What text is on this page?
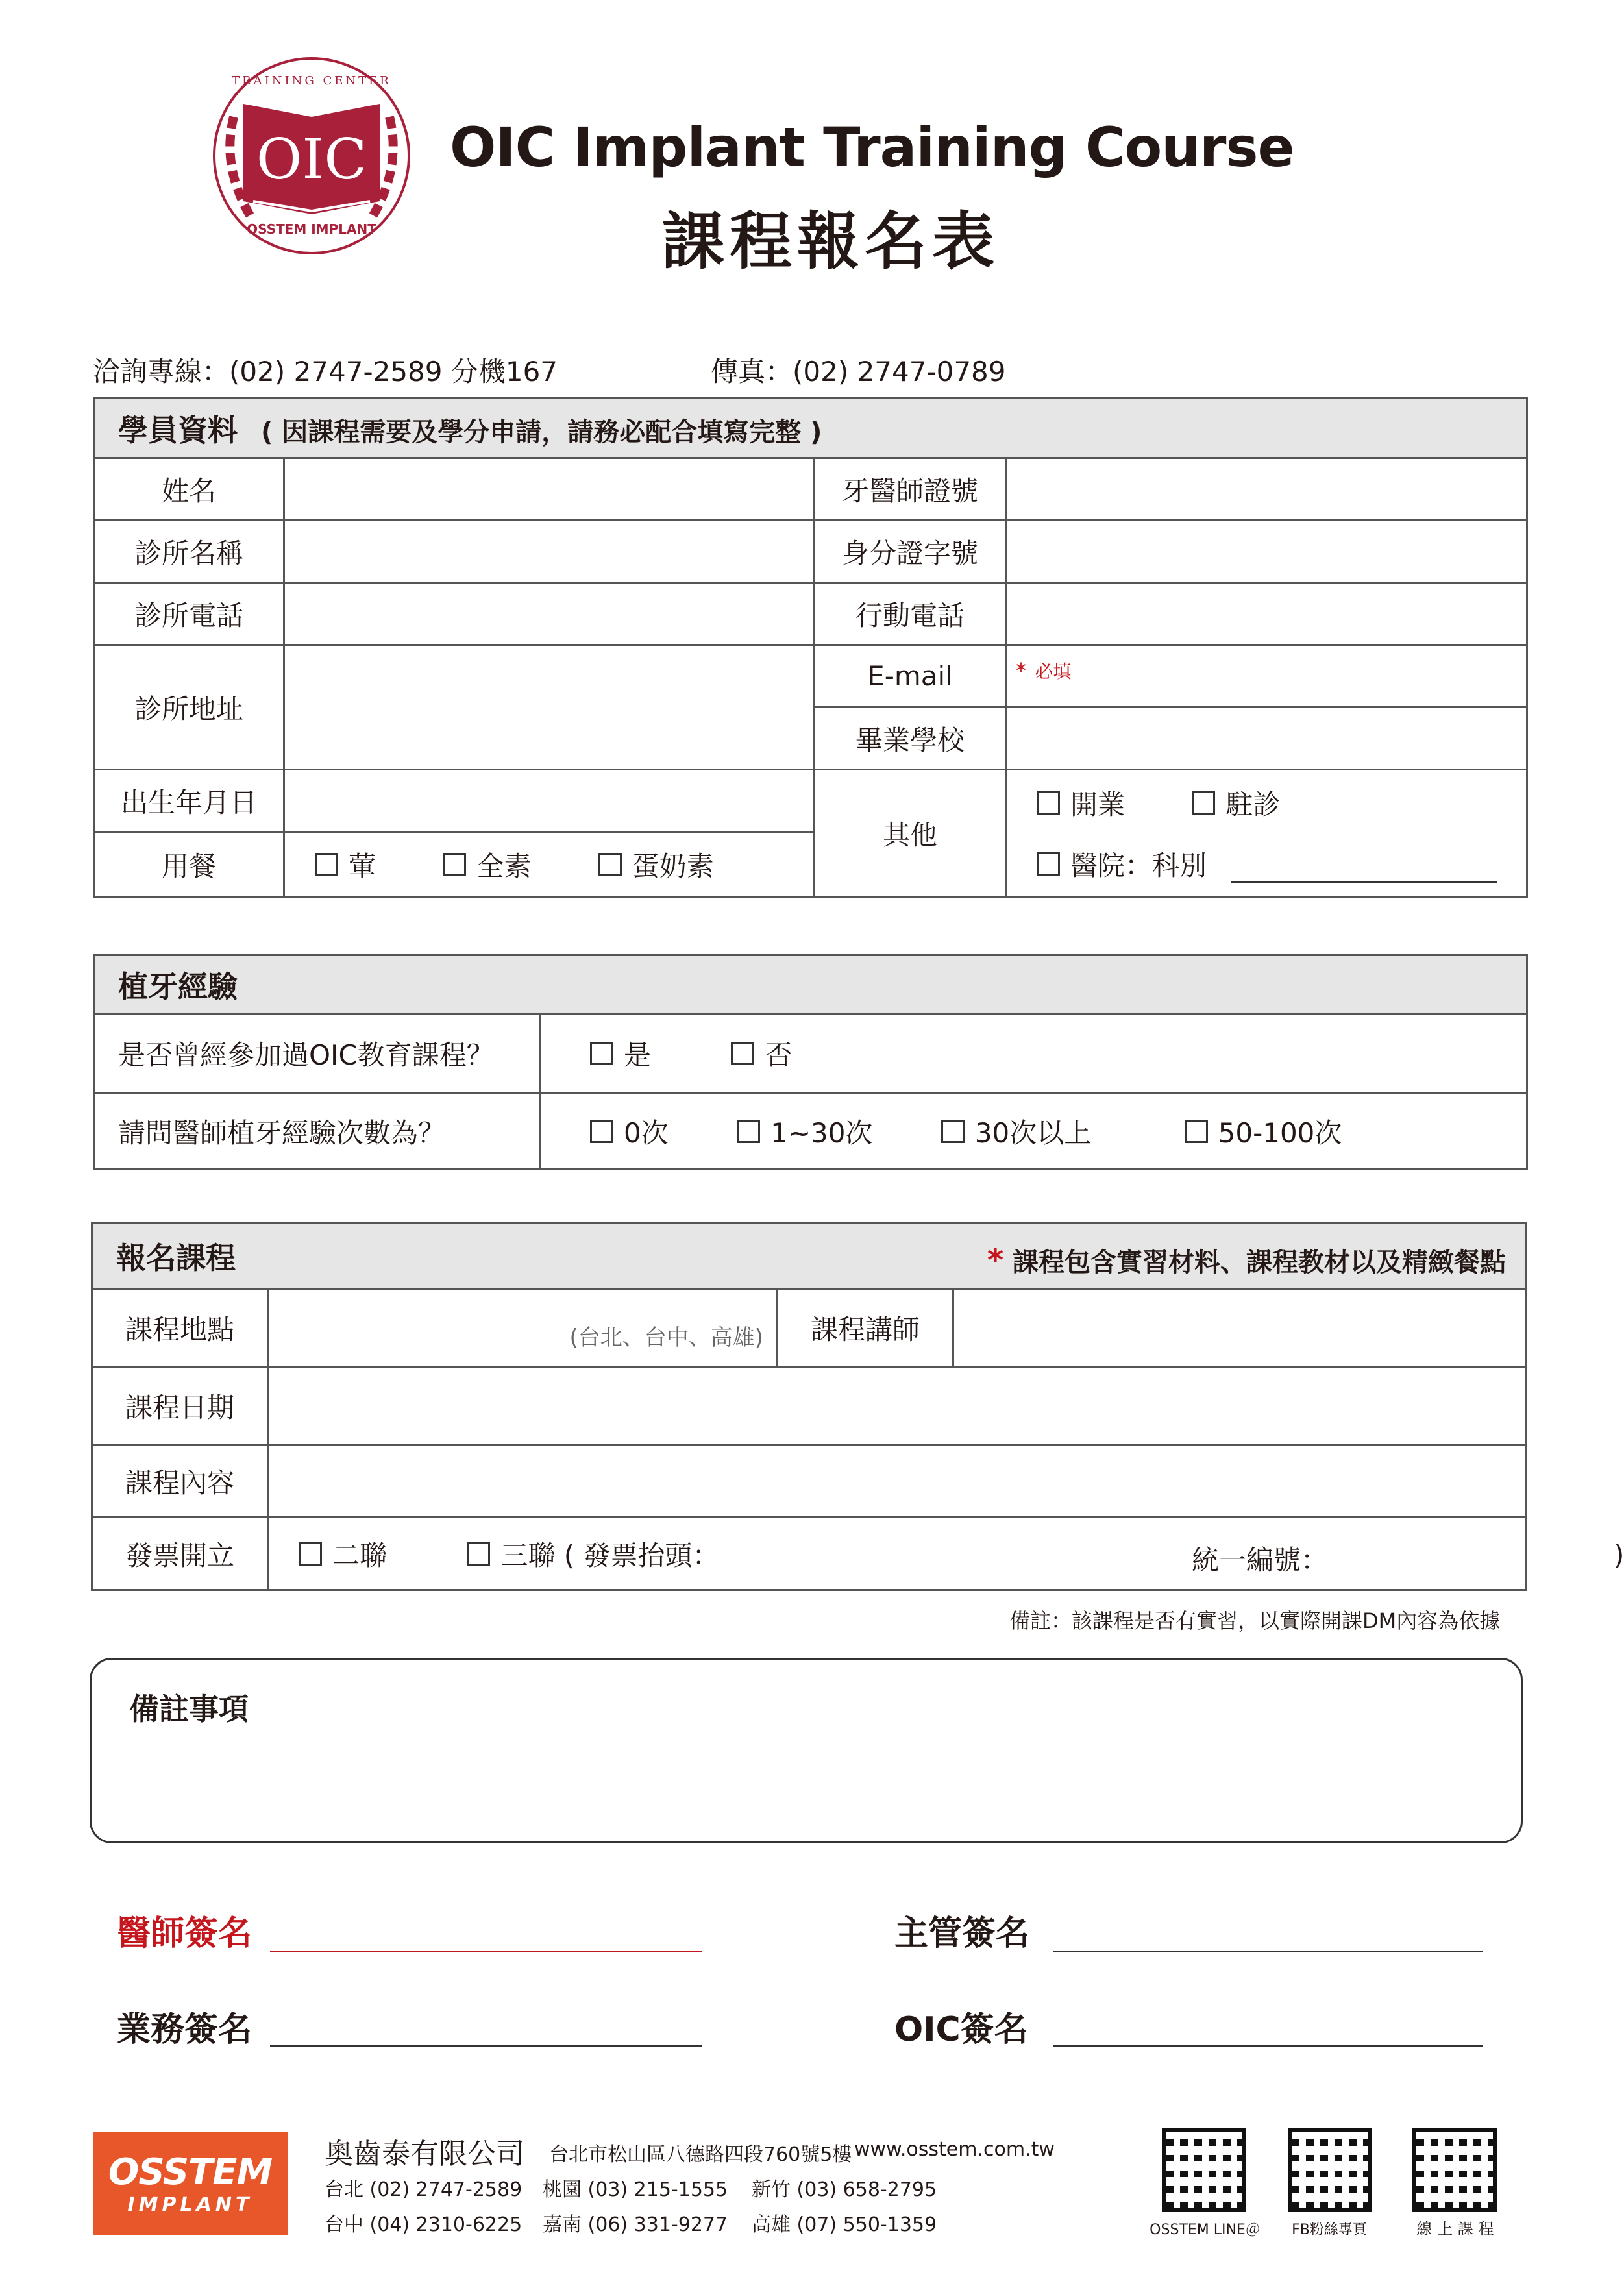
TRAINING CENTER
OIC
OSSTEM IMPLANT
OIC Implant Training Course
課程報名表
洽詢專線：(02) 2747-2589 分機167	傳真：(02) 2747-0789
學員資料 ( 因課程需要及學分申請，請務必配合填寫完整 )			
姓名		牙醫師證號	
診所名稱		身分證字號	
診所電話		行動電話	
診所地址		E-mail	* 必填
		畢業學校	
出生年月日		其他	開業
駐診
醫院：科別

用餐	葷
全素
蛋奶素		
植牙經驗	
是否曾經參加過OIC教育課程？	是
否

請問醫師植牙經驗次數為？	0次
1~30次
30次以上
50-100次
報名課程 * 課程包含實習材料、課程教材以及精緻餐點			

課程地點	(台北、台中、高雄)	課程講師	
課程日期			
課程內容			
發票開立	二聯
三聯 ( 發票抬頭： 統一編號： )		
備註：該課程是否有實習，以實際開課DM內容為依據
備註事項
醫師簽名	主管簽名
業務簽名	OIC簽名
OSSTEM
IMPLANT
奧齒泰有限公司 台北市松山區八德路四段760號5樓 www.osstem.com.tw
台北 (02) 2747-2589 桃園 (03) 215-1555 新竹 (03) 658-2795
台中 (04) 2310-6225 嘉南 (06) 331-9277 高雄 (07) 550-1359	OSSTEM LINE＠	FB粉絲專頁	線 上 課 程
